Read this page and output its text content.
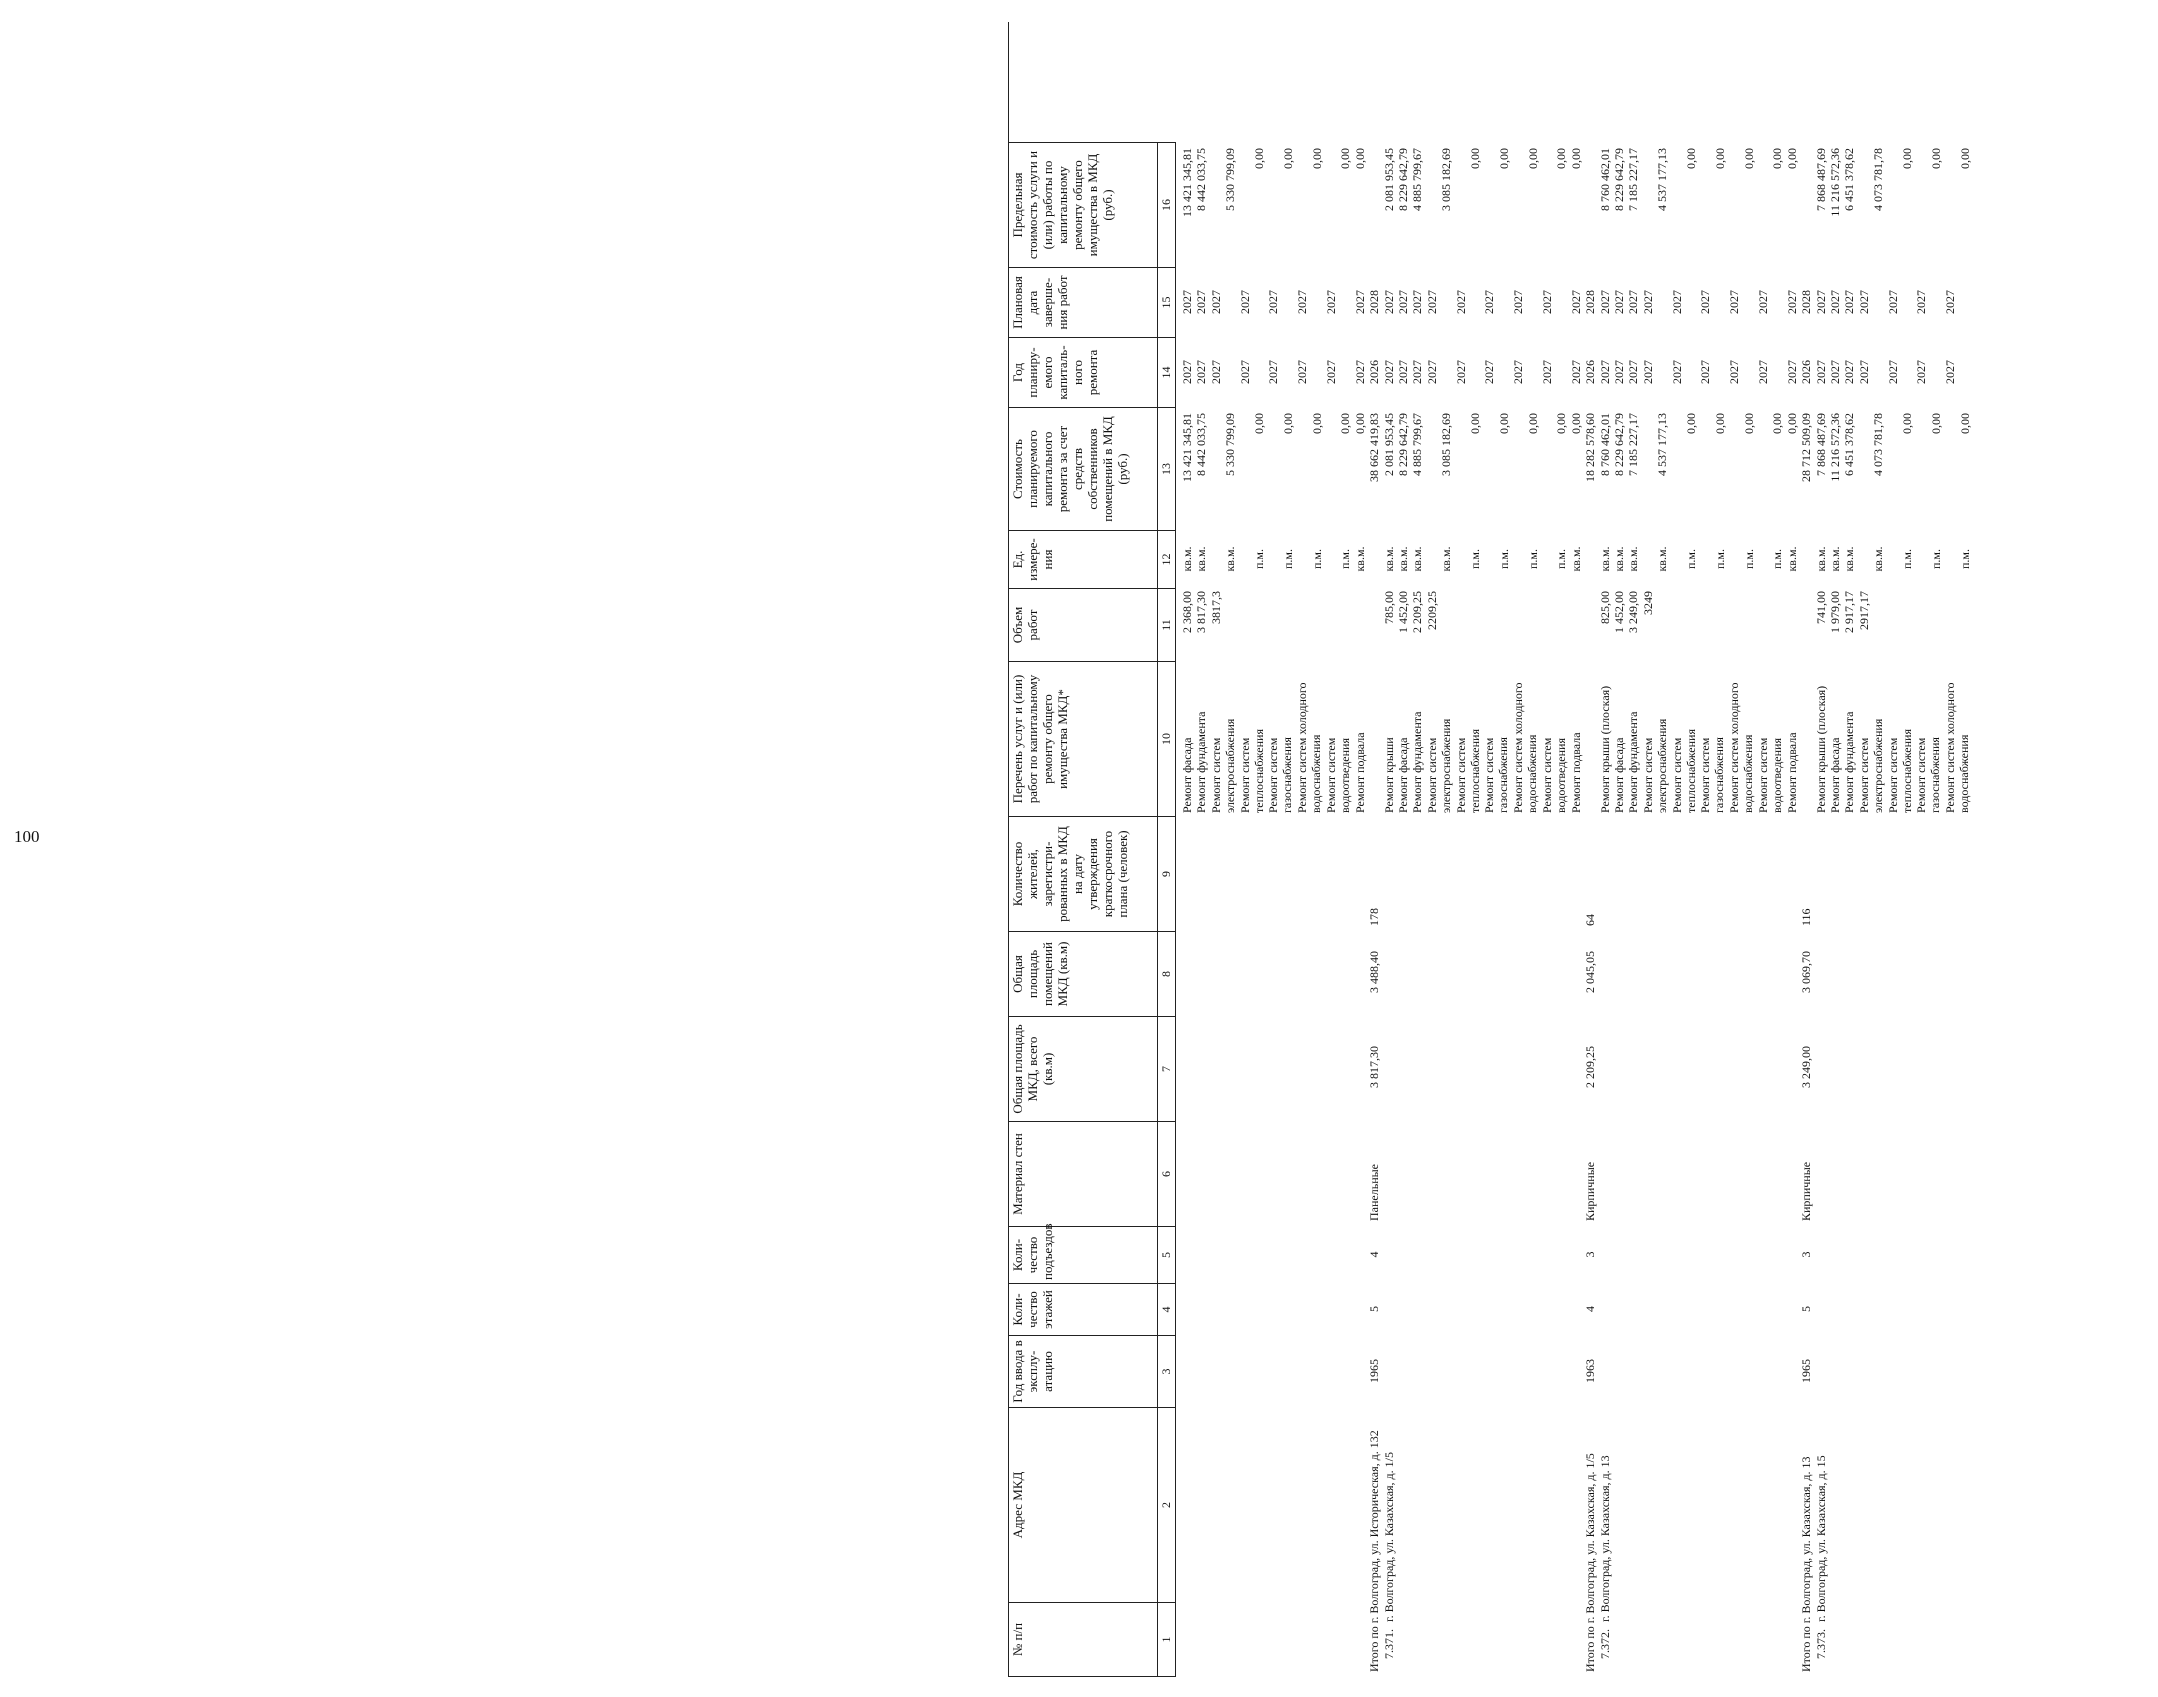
100
№ п/п
Адрес МКД
Год ввода в эксплу-атацию
Коли-чество этажей
Коли-чество подъездов
Материал стен
Общая площадь МКД, всего (кв.м)
Общая площадь помещений МКД (кв.м)
Количество жителей, зарегистри-рованных в МКД на дату утверждения краткосрочного плана (человек)
Перечень услуг и (или) работ по капитальному ремонту общего имущества МКД*
Объем работ
Ед. измере-ния
Стоимость планируемого капитального ремонта за счет средств собственников помещений в МКД (руб.)
Год планиру-емого капиталь-ного ремонта
Плановая дата заверше-ния работ
Предельная стоимость услуги и (или) работы по капитальному ремонту общего имущества в МКД (руб.)
1
2
3
4
5
6
7
8
9
10
11
12
13
14
15
16
Ремонт фасада
2 368,00
кв.м.
13 421 345,81
2027
2027
13 421 345,81
Ремонт фундамента
3 817,30
кв.м.
8 442 033,75
2027
2027
8 442 033,75
Ремонт систем электроснабжения
3817,3
кв.м.
5 330 799,09
2027
2027
5 330 799,09
Ремонт систем теплоснабжения
п.м.
0,00
2027
2027
0,00
Ремонт систем газоснабжения
п.м.
0,00
2027
2027
0,00
Ремонт систем холодного водоснабжения
п.м.
0,00
2027
2027
0,00
Ремонт систем водоотведения
п.м.
0,00
2027
2027
0,00
Ремонт подвала
кв.м.
0,00
2027
2027
0,00
Итого по г. Волгоград, ул. Историческая, д. 132
38 662 419,83
2026
2028
7.371.
г. Волгоград, ул. Казахская, д. 1/5
1965
5
4
Панельные
3 817,30
3 488,40
178
Ремонт крыши
785,00
кв.м.
2 081 953,45
2027
2027
2 081 953,45
Ремонт фасада
1 452,00
кв.м.
8 229 642,79
2027
2027
8 229 642,79
Ремонт фундамента
2 209,25
кв.м.
4 885 799,67
2027
2027
4 885 799,67
Ремонт систем электроснабжения
2209,25
кв.м.
3 085 182,69
2027
2027
3 085 182,69
Ремонт систем теплоснабжения
п.м.
0,00
2027
2027
0,00
Ремонт систем газоснабжения
п.м.
0,00
2027
2027
0,00
Ремонт систем холодного водоснабжения
п.м.
0,00
2027
2027
0,00
Ремонт систем водоотведения
п.м.
0,00
2027
2027
0,00
Ремонт подвала
кв.м.
0,00
2027
2027
0,00
Итого по г. Волгоград, ул. Казахская, д. 1/5
18 282 578,60
2026
2028
7.372.
г. Волгоград, ул. Казахская, д. 13
1963
4
3
Кирпичные
2 209,25
2 045,05
64
Ремонт крыши (плоская)
825,00
кв.м.
8 760 462,01
2027
2027
8 760 462,01
Ремонт фасада
1 452,00
кв.м.
8 229 642,79
2027
2027
8 229 642,79
Ремонт фундамента
3 249,00
кв.м.
7 185 227,17
2027
2027
7 185 227,17
Ремонт систем электроснабжения
3249
кв.м.
4 537 177,13
2027
2027
4 537 177,13
Ремонт систем теплоснабжения
п.м.
0,00
2027
2027
0,00
Ремонт систем газоснабжения
п.м.
0,00
2027
2027
0,00
Ремонт систем холодного водоснабжения
п.м.
0,00
2027
2027
0,00
Ремонт систем водоотведения
п.м.
0,00
2027
2027
0,00
Ремонт подвала
кв.м.
0,00
2027
2027
0,00
Итого по г. Волгоград, ул. Казахская, д. 13
28 712 509,09
2026
2028
7.373.
г. Волгоград, ул. Казахская, д. 15
1965
5
3
Кирпичные
3 249,00
3 069,70
116
Ремонт крыши (плоская)
741,00
кв.м.
7 868 487,69
2027
2027
7 868 487,69
Ремонт фасада
1 979,00
кв.м.
11 216 572,36
2027
2027
11 216 572,36
Ремонт фундамента
2 917,17
кв.м.
6 451 378,62
2027
2027
6 451 378,62
Ремонт систем электроснабжения
2917,17
кв.м.
4 073 781,78
2027
2027
4 073 781,78
Ремонт систем теплоснабжения
п.м.
0,00
2027
2027
0,00
Ремонт систем газоснабжения
п.м.
0,00
2027
2027
0,00
Ремонт систем холодного водоснабжения
п.м.
0,00
2027
2027
0,00
